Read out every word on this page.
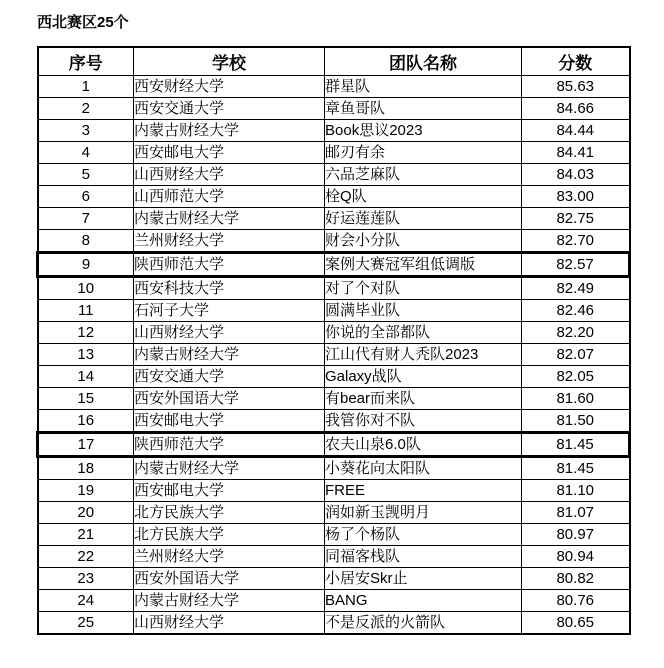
西北赛区25个
序号	学校	团队名称	分数
1	西安财经大学	群星队	85.63
2	西安交通大学	章鱼哥队	84.66
3	内蒙古财经大学	Book思议2023	84.44
4	西安邮电大学	邮刃有余	84.41
5	山西财经大学	六品芝麻队	84.03
6	山西师范大学	栓Q队	83.00
7	内蒙古财经大学	好运莲莲队	82.75
8	兰州财经大学	财会小分队	82.70
9	陕西师范大学	案例大赛冠军组低调版	82.57
10	西安科技大学	对了个对队	82.49
11	石河子大学	圆满毕业队	82.46
12	山西财经大学	你说的全部都队	82.20
13	内蒙古财经大学	江山代有财人秃队2023	82.07
14	西安交通大学	Galaxy战队	82.05
15	西安外国语大学	有bear而来队	81.60
16	西安邮电大学	我管你对不队	81.50
17	陕西师范大学	农夫山泉6.0队	81.45
18	内蒙古财经大学	小葵花向太阳队	81.45
19	西安邮电大学	FREE	81.10
20	北方民族大学	润如新玉觊明月	81.07
21	北方民族大学	杨了个杨队	80.97
22	兰州财经大学	同福客栈队	80.94
23	西安外国语大学	小居安Skr止	80.82
24	内蒙古财经大学	BANG	80.76
25	山西财经大学	不是反派的火箭队	80.65
